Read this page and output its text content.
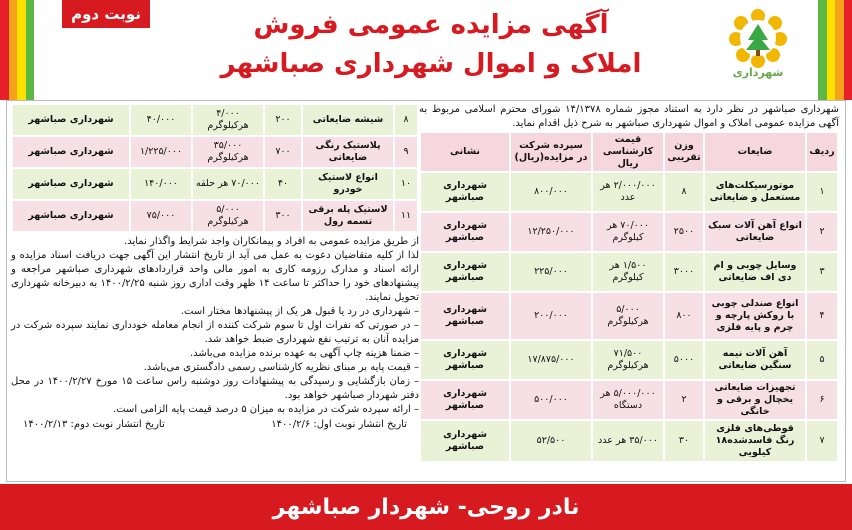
نوبت دوم	آگهی مزایده عمومی فروش
املاک و اموال شهرداری صباشهر	شهرداری
شهرداری صباشهر در نظر دارد به استناد مجوز شماره ۱۴/۱۳۷۸ شورای محترم اسلامی مربوط به آگهی مزایده عمومی املاک و اموال شهرداری صباشهر به شرح ذیل اقدام نماید.
ردیف	ضایعات	وزن تقریبی	قیمت کارشناسی ریال	سپرده شرکت در مزایده(ریال)	نشانی
۱	موتورسیکلت‌های مستعمل و ضایعاتی	۸	۲/۰۰۰/۰۰۰ هر عدد	۸۰۰/۰۰۰	شهرداری صباشهر
۲	انواع آهن آلات سبک ضایعاتی	۲۵۰۰	۷۰/۰۰۰ هر کیلوگرم	۱۲/۲۵۰/۰۰۰	شهرداری صباشهر
۳	وسایل چوبی و ام دی اف ضایعاتی	۳۰۰۰	۱/۵۰۰ هر کیلوگرم	۲۲۵/۰۰۰	شهرداری صباشهر
۴	انواع صندلی چوبی با روکش پارچه و چرم و پایه فلزی	۸۰۰	۵/۰۰۰ هرکیلوگرم	۲۰۰/۰۰۰	شهرداری صباشهر
۵	آهن آلات نیمه سنگین ضایعاتی	۵۰۰۰	۷۱/۵۰۰ هرکیلوگرم	۱۷/۸۷۵/۰۰۰	شهرداری صباشهر
۶	تجهیزات ضایعاتی یخچال و برقی و خانگی	۲	۵/۰۰۰/۰۰۰ هر دستگاه	۵۰۰/۰۰۰	شهرداری صباشهر
۷	قوطی‌های فلزی رنگ فاسدشده۱۸ کیلویی	۳۰	۳۵/۰۰۰ هر عدد	۵۲/۵۰۰	شهرداری صباشهر
۸	شیشه ضایعاتی	۲۰۰	۴/۰۰۰ هرکیلوگرم	۴۰/۰۰۰	شهرداری صباشهر
۹	پلاستیک رنگی ضایعاتی	۷۰۰	۳۵/۰۰۰ هرکیلوگرم	۱/۲۲۵/۰۰۰	شهرداری صباشهر
۱۰	انواع لاستیک خودرو	۴۰	۷۰/۰۰۰ هر حلقه	۱۴۰/۰۰۰	شهرداری صباشهر
۱۱	لاستیک پله برقی تسمه رول	۳۰۰	۵/۰۰۰ هرکیلوگرم	۷۵/۰۰۰	شهرداری صباشهر

از طریق مزایده عمومی به افراد و پیمانکاران واجد شرایط واگذار نماید.

لذا از کلیه متقاضیان دعوت به عمل می آید از تاریخ انتشار این آگهی جهت دریافت اسناد مزایده و ارائه اسناد و مدارک رزومه کاری به امور مالی واحد قراردادهای شهرداری صباشهر مراجعه و پیشنهادهای خود را حداکثر تا ساعت ۱۴ ظهر وقت اداری روز شنبه ۱۴۰۰/۲/۲۵ به دبیرخانه شهرداری تحویل نمایند.

– شهرداری در رد یا قبول هر یک از پیشنهادها مختار است.

– در صورتی که نفرات اول تا سوم شرکت کننده از انجام معامله خودداری نمایند سپرده شرکت در مزایده آنان به ترتیب نفع شهرداری ضبط خواهد شد.

– ضمنا هزینه چاپ آگهی به عهده برنده مزایده می‌باشد.

– قیمت پایه بر مبنای نظریه کارشناسی رسمی دادگستری می‌باشد.

– زمان بازگشایی و رسیدگی به پیشنهادات روز دوشنبه راس ساعت ۱۵ مورخ ۱۴۰۰/۲/۲۷ در محل دفتر شهردار صباشهر خواهد بود.

– ارائه سپرده شرکت در مزایده به میزان ۵ درصد قیمت پایه الزامی است.

تاریخ انتشار نوبت اول: ۱۴۰۰/۲/۶
تاریخ انتشار نوبت دوم: ۱۴۰۰/۲/۱۳
نادر روحی- شهردار صباشهر
